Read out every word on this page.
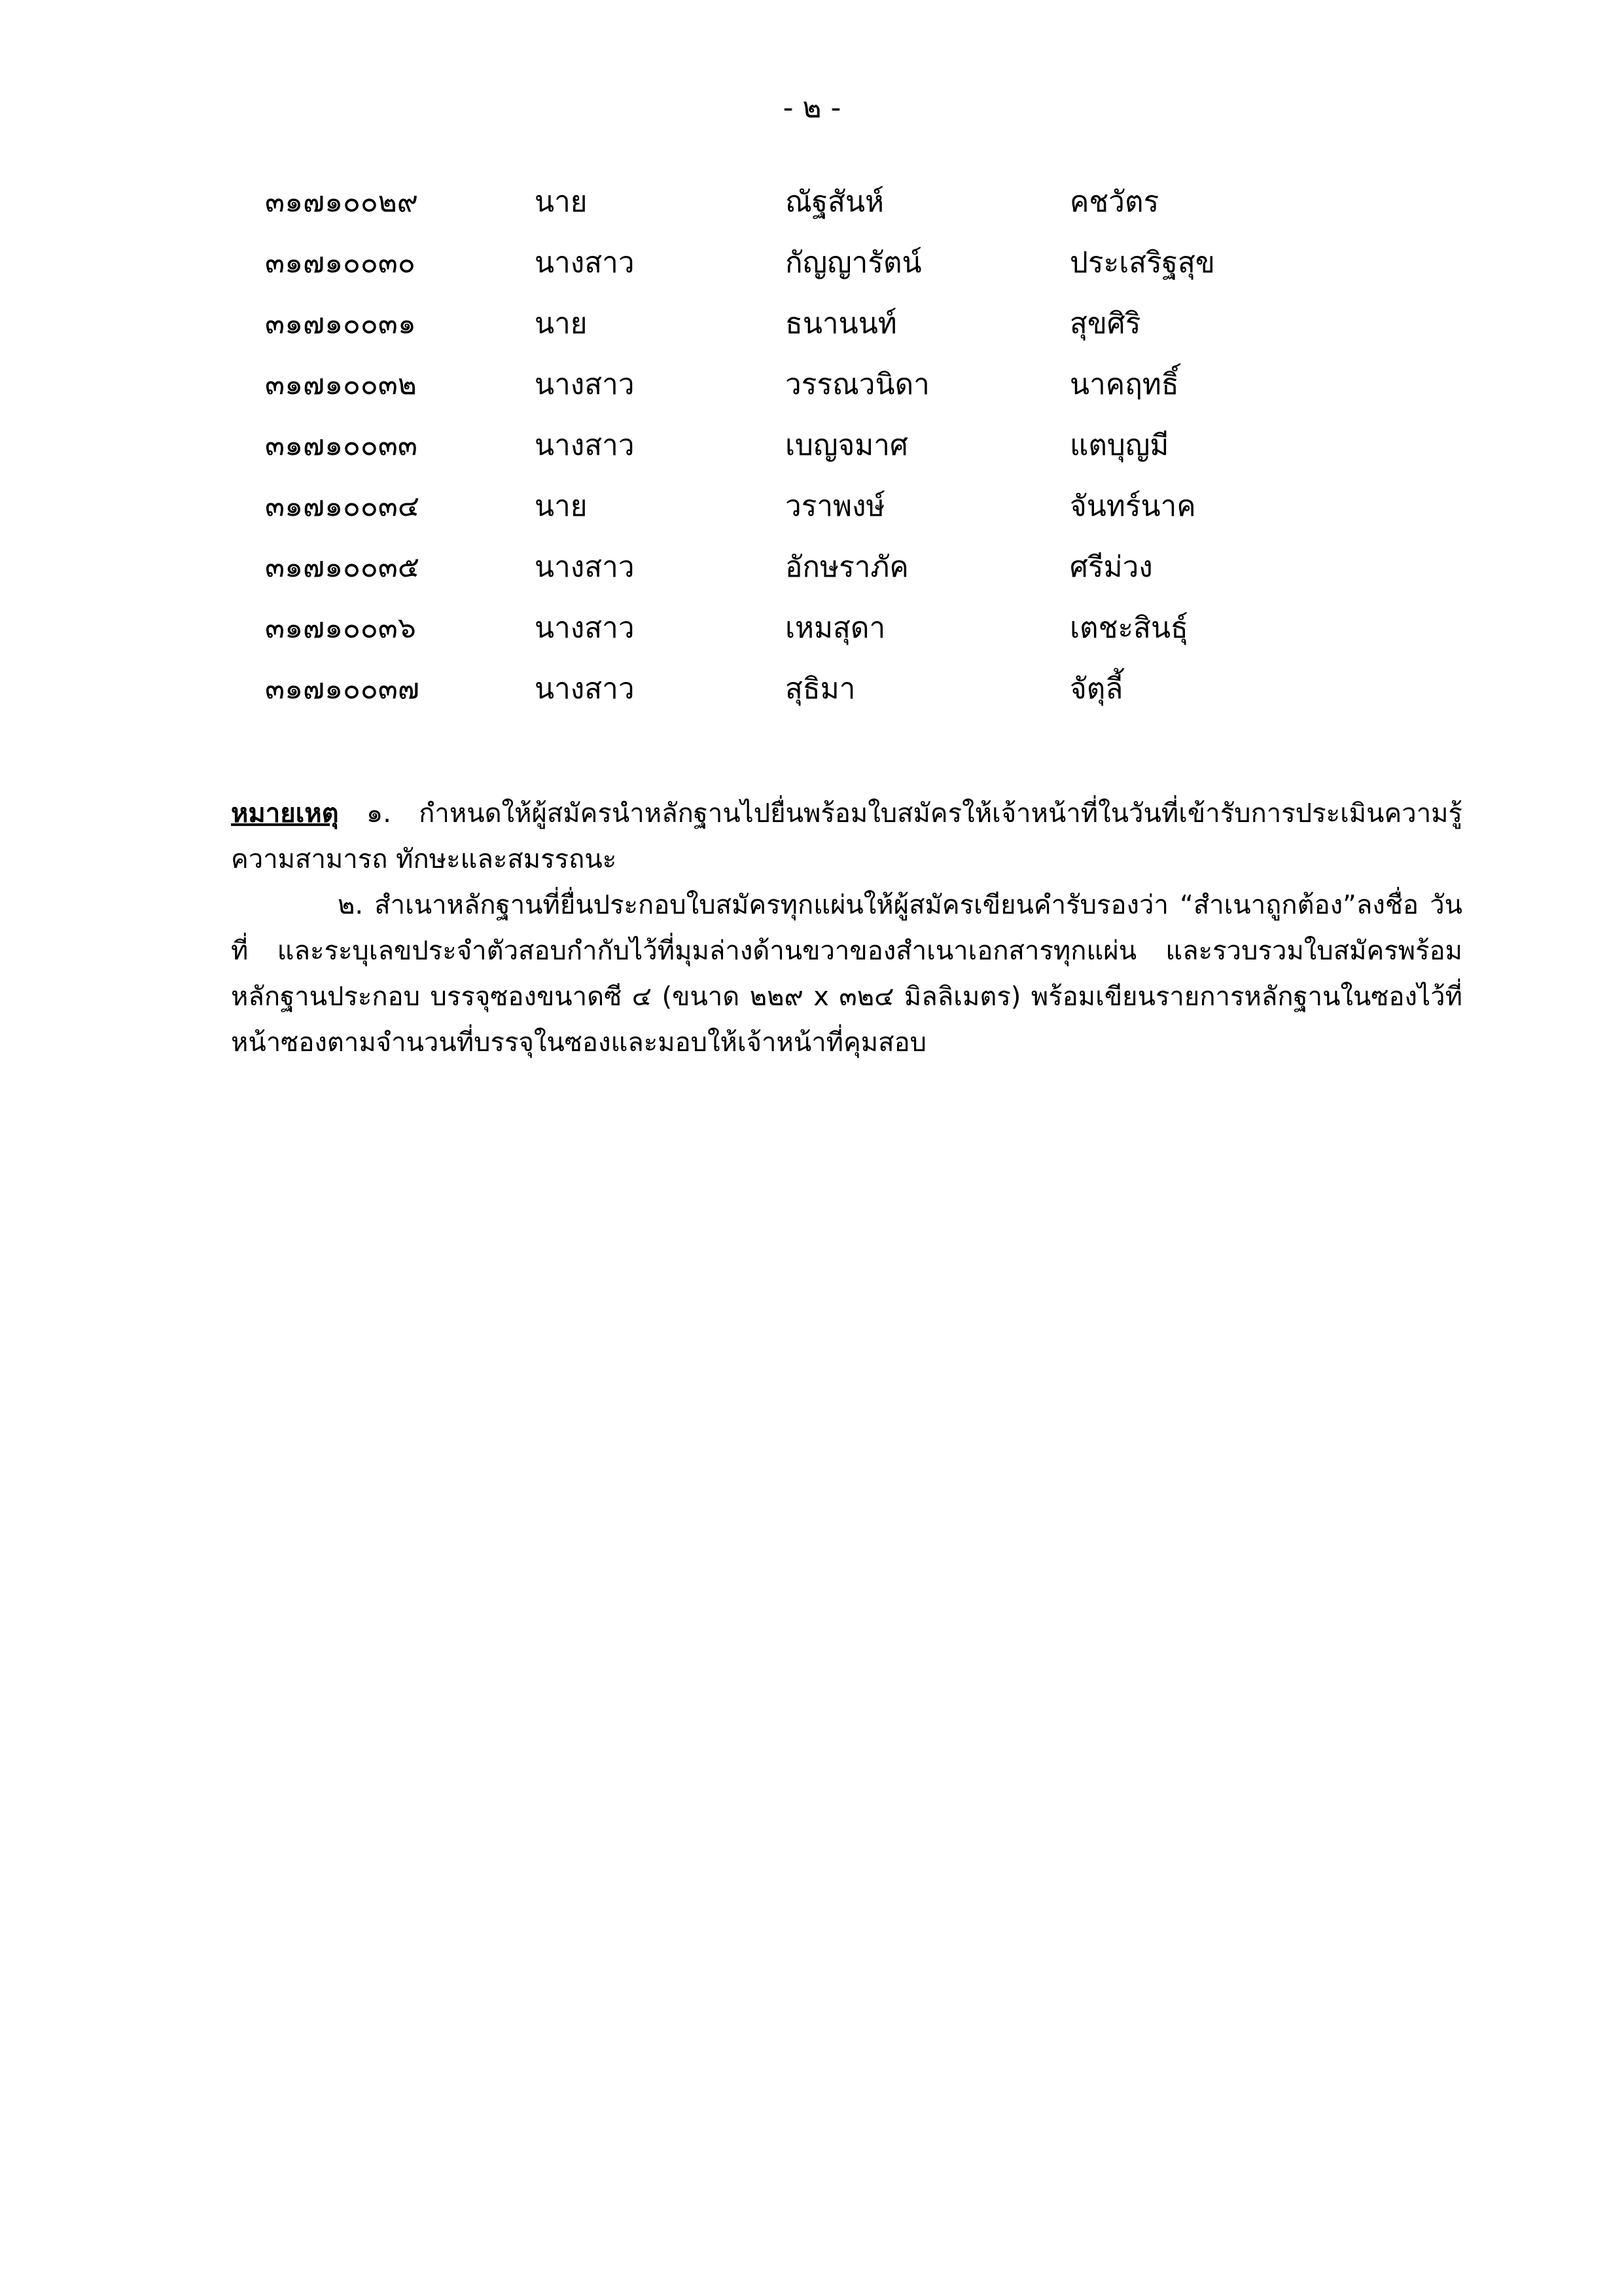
- ๒ -
๓๑๗๑๐๐๒๙	นาย	ณัฐสันห์	คชวัตร
๓๑๗๑๐๐๓๐	นางสาว	กัญญารัตน์	ประเสริฐสุข
๓๑๗๑๐๐๓๑	นาย	ธนานนท์	สุขศิริ
๓๑๗๑๐๐๓๒	นางสาว	วรรณวนิดา	นาคฤทธิ์
๓๑๗๑๐๐๓๓	นางสาว	เบญจมาศ	แตบุญมี
๓๑๗๑๐๐๓๔	นาย	วราพงษ์	จันทร์นาค
๓๑๗๑๐๐๓๕	นางสาว	อักษราภัค	ศรีม่วง
๓๑๗๑๐๐๓๖	นางสาว	เหมสุดา	เตชะสินธุ์
๓๑๗๑๐๐๓๗	นางสาว	สุธิมา	จัตุลี้

หมายเหตุ ๑. กำหนดให้ผู้สมัครนำหลักฐานไปยื่นพร้อมใบสมัครให้เจ้าหน้าที่ในวันที่เข้ารับการประเมินความรู้ ความสามารถ ทักษะและสมรรถนะ

๒. สำเนาหลักฐานที่ยื่นประกอบใบสมัครทุกแผ่นให้ผู้สมัครเขียนคำรับรองว่า “สำเนาถูกต้อง”ลงชื่อ วันที่ และระบุเลขประจำตัวสอบกำกับไว้ที่มุมล่างด้านขวาของสำเนาเอกสารทุกแผ่น และรวบรวมใบสมัครพร้อมหลักฐานประกอบ บรรจุซองขนาดซี ๔ (ขนาด ๒๒๙ x ๓๒๔ มิลลิเมตร) พร้อมเขียนรายการหลักฐานในซองไว้ที่หน้าซองตามจำนวนที่บรรจุในซองและมอบให้เจ้าหน้าที่คุมสอบ
